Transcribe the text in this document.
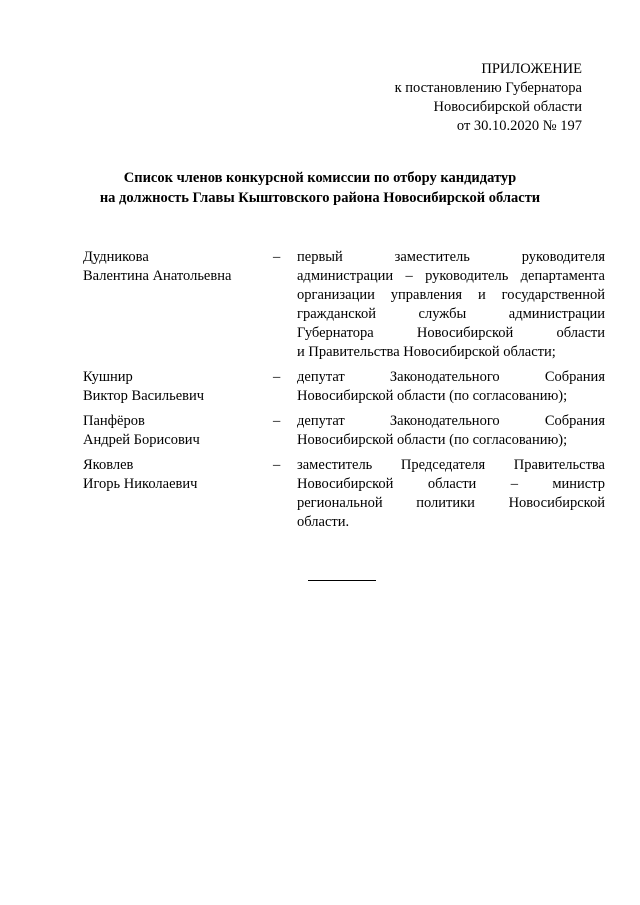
ПРИЛОЖЕНИЕ
к постановлению Губернатора
Новосибирской области
от 30.10.2020 № 197
Список членов конкурсной комиссии по отбору кандидатур
на должность Главы Кыштовского района Новосибирской области
Дудникова
Валентина Анатольевна
–	первый заместитель руководителя
администрации – руководитель департамента
организации управления и государственной
гражданской службы администрации
Губернатора Новосибирской области
и Правительства Новосибирской области;
Кушнир
Виктор Васильевич
–	депутат Законодательного Собрания
Новосибирской области (по согласованию);
Панфёров
Андрей Борисович
–	депутат Законодательного Собрания
Новосибирской области (по согласованию);
Яковлев
Игорь Николаевич
–	заместитель Председателя Правительства
Новосибирской области – министр
региональной политики Новосибирской
области.
